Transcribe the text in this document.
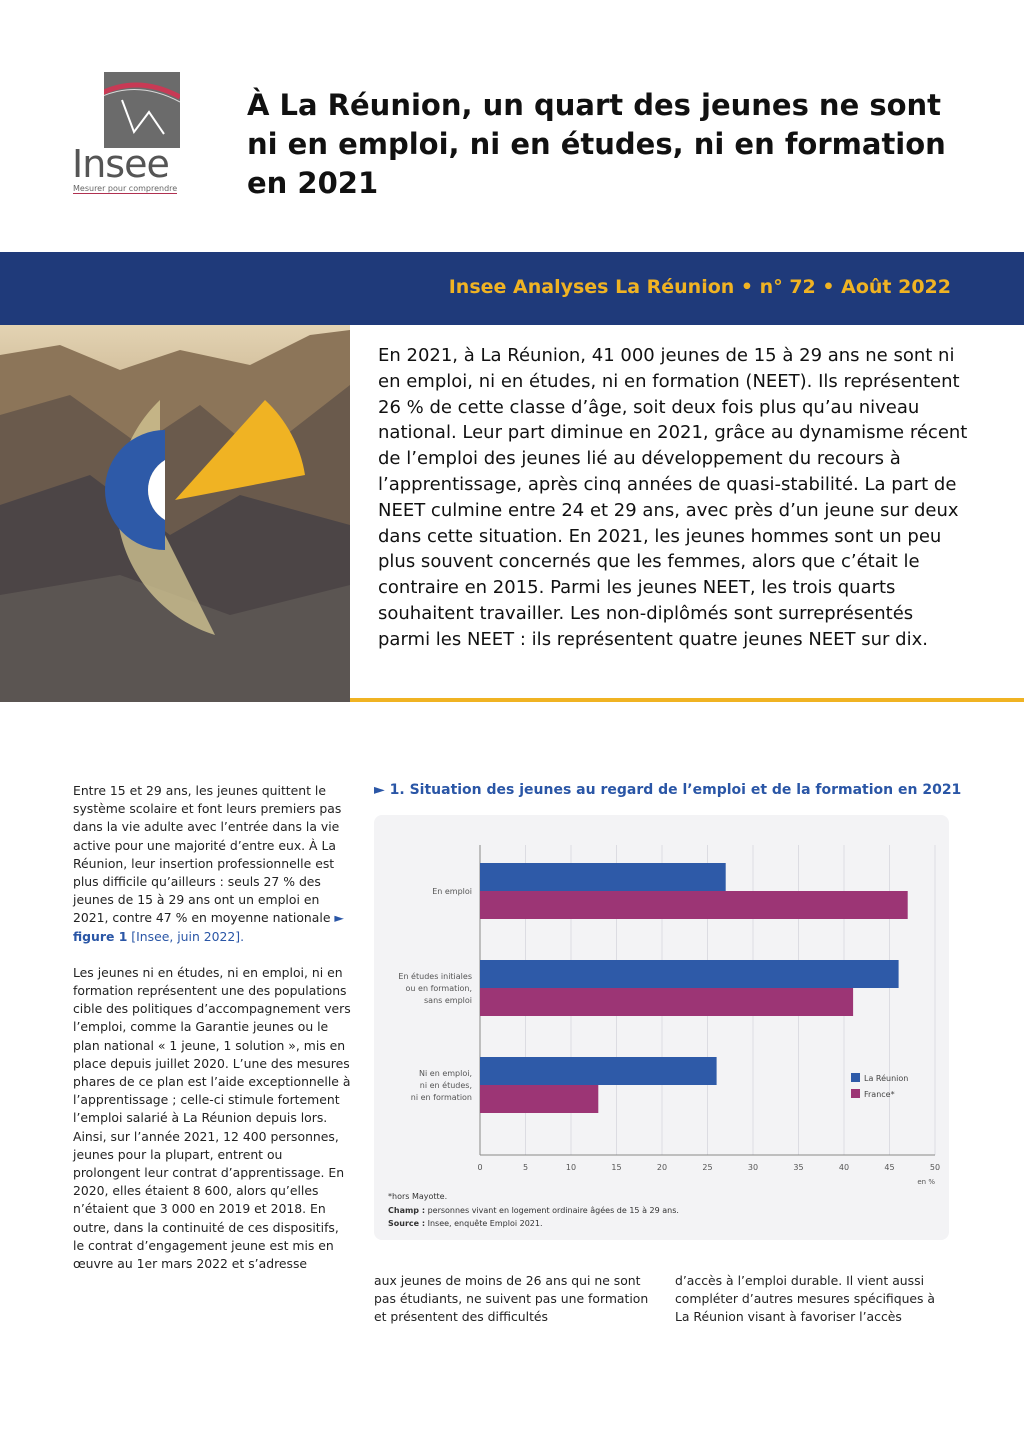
Insee
Mesurer pour comprendre
À La Réunion, un quart des jeunes ne sont ni en emploi, ni en études, ni en formation en 2021
Insee Analyses La Réunion • n° 72 • Août 2022
En 2021, à La Réunion, 41 000 jeunes de 15 à 29 ans ne sont ni en emploi, ni en études, ni en formation (NEET). Ils représentent 26 % de cette classe d’âge, soit deux fois plus qu’au niveau national. Leur part diminue en 2021, grâce au dynamisme récent de l’emploi des jeunes lié au développement du recours à l’apprentissage, après cinq années de quasi-stabilité. La part de NEET culmine entre 24 et 29 ans, avec près d’un jeune sur deux dans cette situation. En 2021, les jeunes hommes sont un peu plus souvent concernés que les femmes, alors que c’était le contraire en 2015. Parmi les jeunes NEET, les trois quarts souhaitent travailler. Les non-diplômés sont surreprésentés parmi les NEET : ils représentent quatre jeunes NEET sur dix.

Entre 15 et 29 ans, les jeunes quittent le système scolaire et font leurs premiers pas dans la vie adulte avec l’entrée dans la vie active pour une majorité d’entre eux. À La Réunion, leur insertion professionnelle est plus difficile qu’ailleurs : seuls 27 % des jeunes de 15 à 29 ans ont un emploi en 2021, contre 47 % en moyenne nationale ► figure 1 [Insee, juin 2022].

Les jeunes ni en études, ni en emploi, ni en formation représentent une des populations cible des politiques d’accompagnement vers l’emploi, comme la Garantie jeunes ou le plan national « 1 jeune, 1 solution », mis en place depuis juillet 2020. L’une des mesures phares de ce plan est l’aide exceptionnelle à l’apprentissage ; celle-ci stimule fortement l’emploi salarié à La Réunion depuis lors. Ainsi, sur l’année 2021, 12 400 personnes, jeunes pour la plupart, entrent ou prolongent leur contrat d’apprentissage. En 2020, elles étaient 8 600, alors qu’elles n’étaient que 3 000 en 2019 et 2018. En outre, dans la continuité de ces dispositifs, le contrat d’engagement jeune est mis en œuvre au 1er mars 2022 et s’adresse

► 1. Situation des jeunes au regard de l’emploi et de la formation en 2021
0	5	10	15	20	25	30	35	40	45	50
en %
En emploi
En études initiales
ou en formation,
sans emploi
Ni en emploi,
ni en études,
ni en formation
La Réunion
France*
*hors Mayotte.
Champ : personnes vivant en logement ordinaire âgées de 15 à 29 ans.
Source : Insee, enquête Emploi 2021.
aux jeunes de moins de 26 ans qui ne sont pas étudiants, ne suivent pas une formation et présentent des difficultés
d’accès à l’emploi durable. Il vient aussi compléter d’autres mesures spécifiques à La Réunion visant à favoriser l’accès
